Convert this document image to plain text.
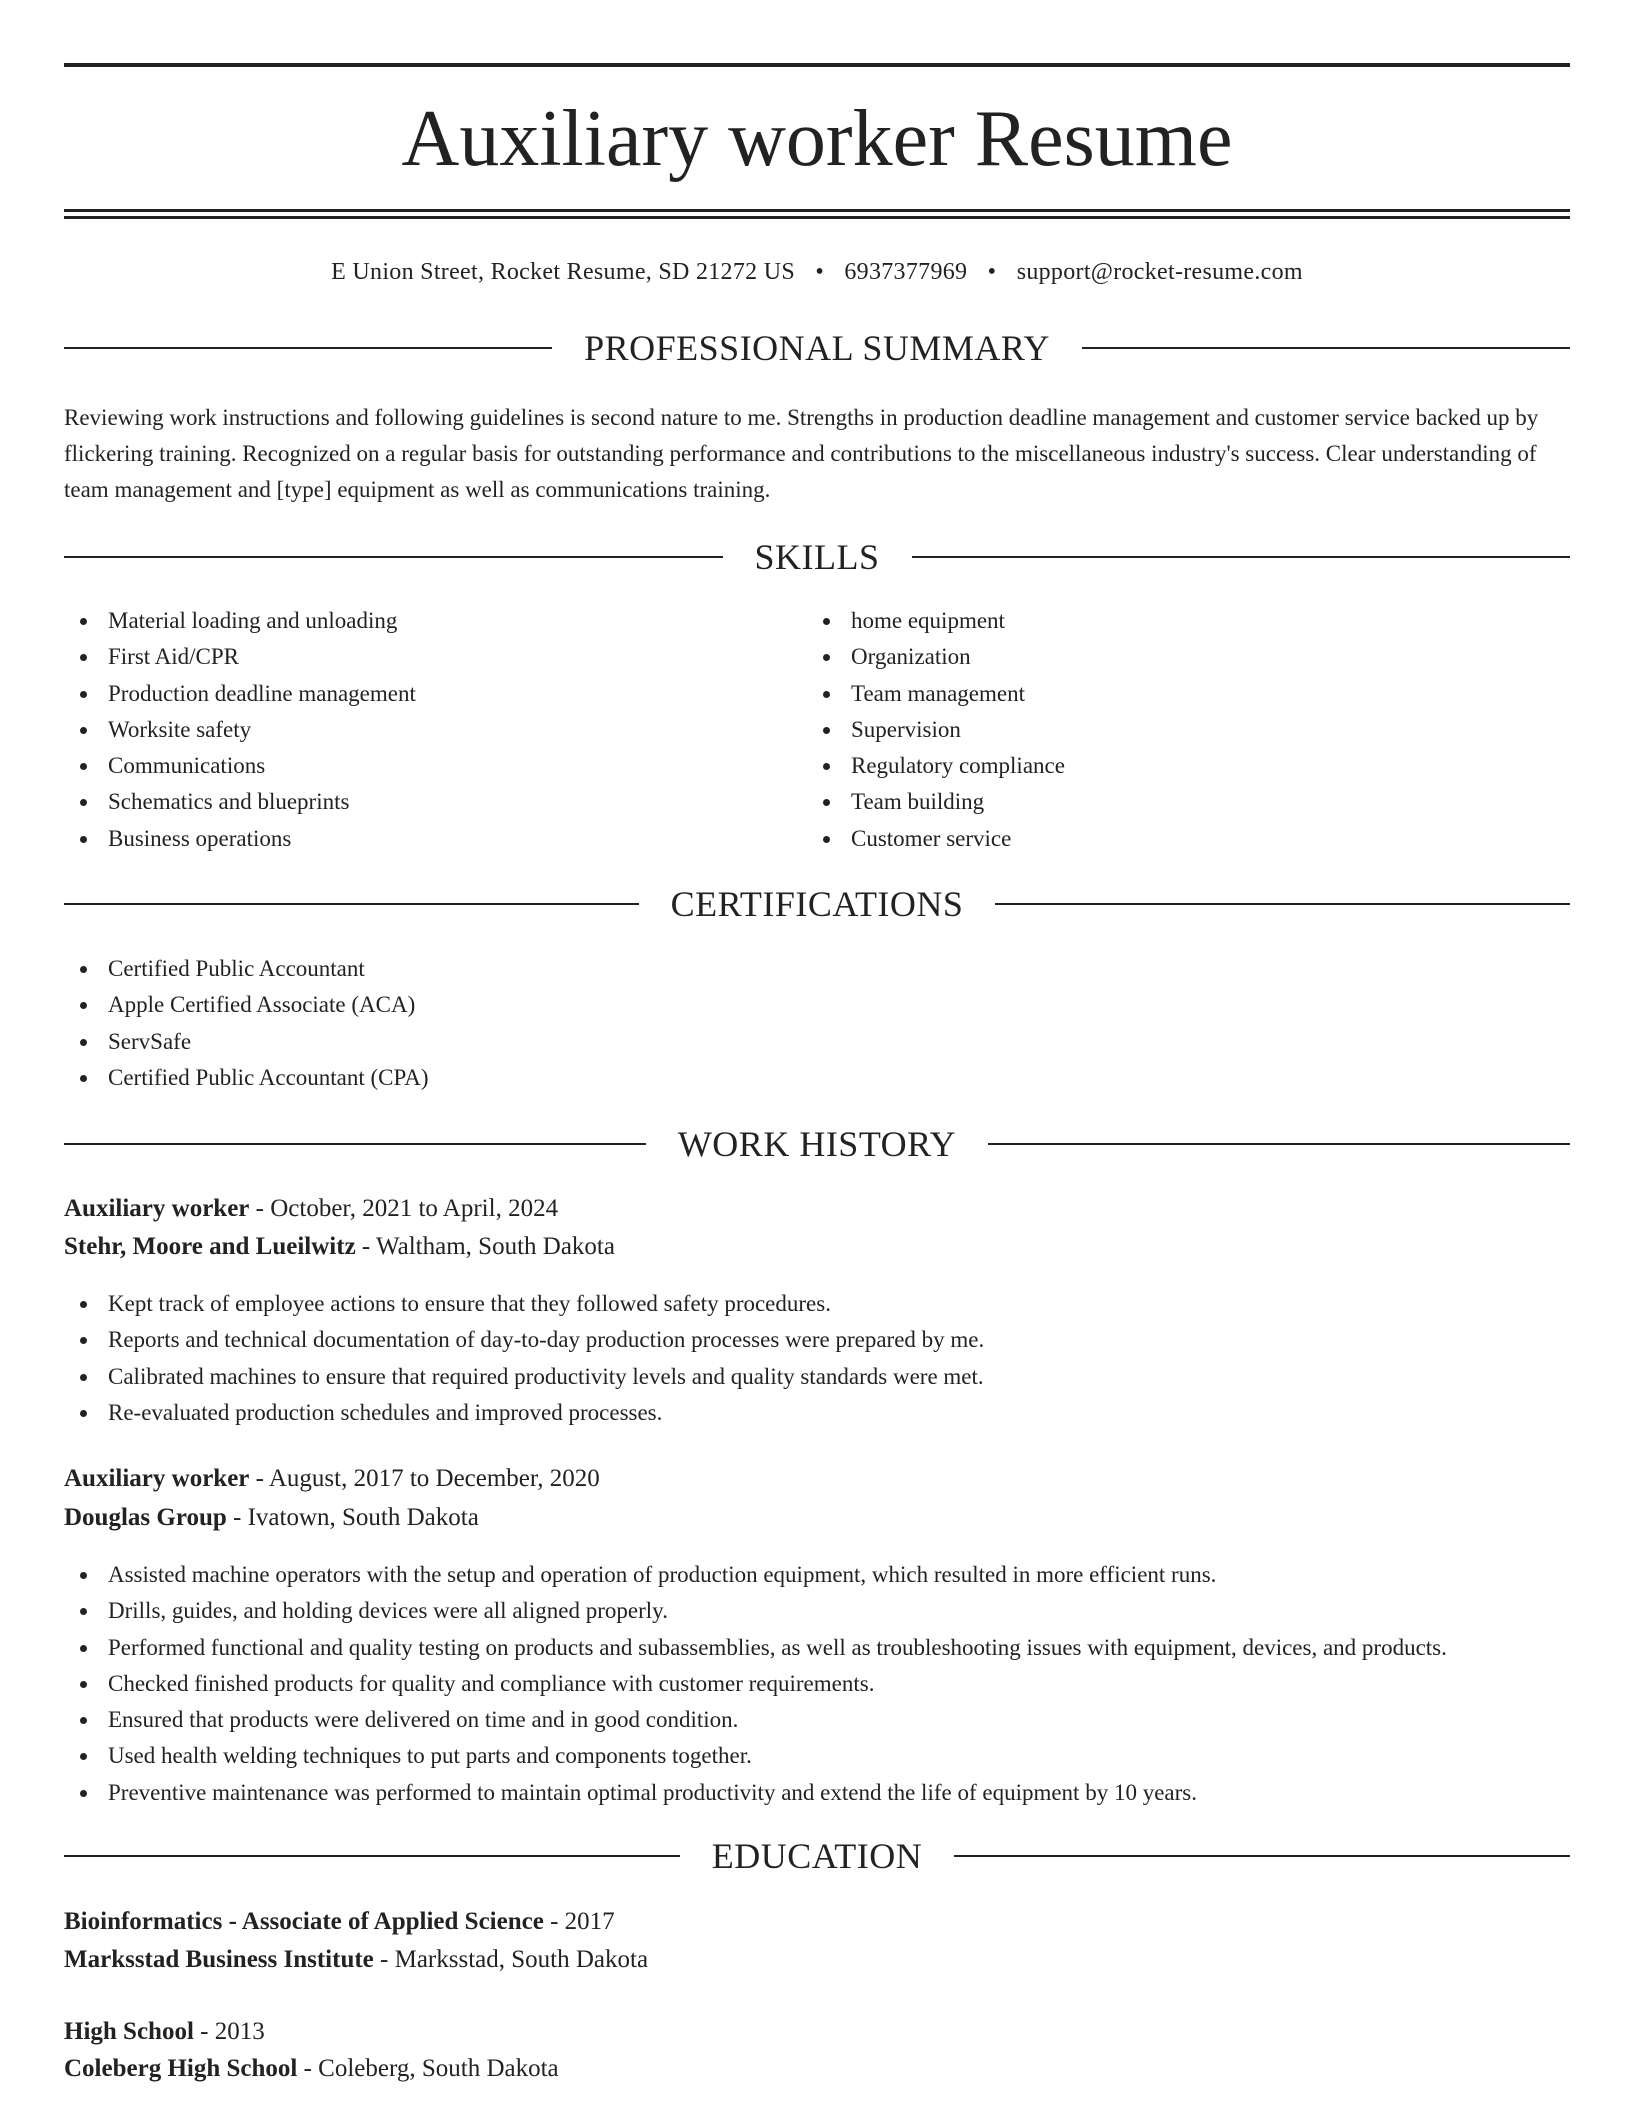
Auxiliary worker Resume
E Union Street, Rocket Resume, SD 21272 US • 6937377969 • support@rocket-resume.com
PROFESSIONAL SUMMARY

Reviewing work instructions and following guidelines is second nature to me. Strengths in production deadline management and customer service backed up by flickering training. Recognized on a regular basis for outstanding performance and contributions to the miscellaneous industry's success. Clear understanding of team management and [type] equipment as well as communications training.

SKILLS
Material loading and unloading
First Aid/CPR
Production deadline management
Worksite safety
Communications
Schematics and blueprints
Business operations
home equipment
Organization
Team management
Supervision
Regulatory compliance
Team building
Customer service
CERTIFICATIONS
Certified Public Accountant
Apple Certified Associate (ACA)
ServSafe
Certified Public Accountant (CPA)
WORK HISTORY
Auxiliary worker - October, 2021 to April, 2024
Stehr, Moore and Lueilwitz - Waltham, South Dakota
Kept track of employee actions to ensure that they followed safety procedures.
Reports and technical documentation of day-to-day production processes were prepared by me.
Calibrated machines to ensure that required productivity levels and quality standards were met.
Re-evaluated production schedules and improved processes.
Auxiliary worker - August, 2017 to December, 2020
Douglas Group - Ivatown, South Dakota
Assisted machine operators with the setup and operation of production equipment, which resulted in more efficient runs.
Drills, guides, and holding devices were all aligned properly.
Performed functional and quality testing on products and subassemblies, as well as troubleshooting issues with equipment, devices, and products.
Checked finished products for quality and compliance with customer requirements.
Ensured that products were delivered on time and in good condition.
Used health welding techniques to put parts and components together.
Preventive maintenance was performed to maintain optimal productivity and extend the life of equipment by 10 years.
EDUCATION
Bioinformatics - Associate of Applied Science - 2017
Marksstad Business Institute - Marksstad, South Dakota
High School - 2013
Coleberg High School - Coleberg, South Dakota
